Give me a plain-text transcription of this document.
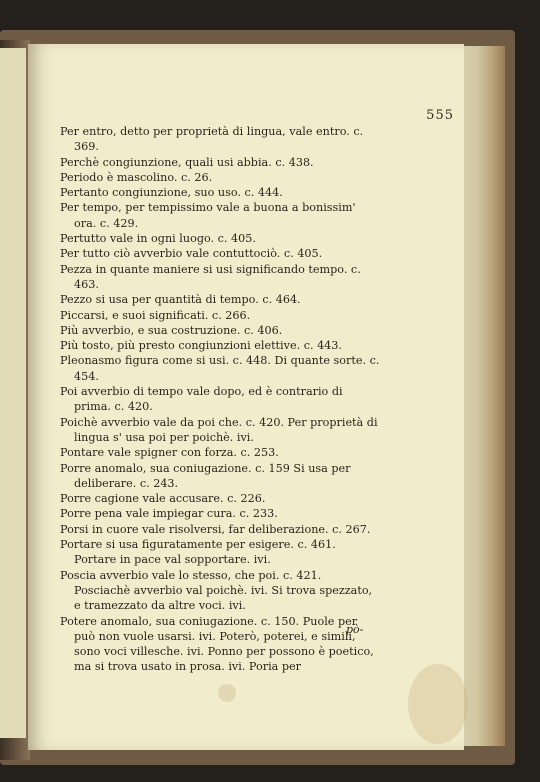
555

Per entro, detto per proprietà di lingua, vale entro. c. 369.

Perchè congiunzione, quali usi abbia. c. 438.

Periodo è mascolino. c. 26.

Pertanto congiunzione, suo uso. c. 444.

Per tempo, per tempissimo vale a buona a bonissim' ora. c. 429.

Pertutto vale in ogni luogo. c. 405.

Per tutto ciò avverbio vale contuttociò. c. 405.

Pezza in quante maniere si usi significando tempo. c. 463.

Pezzo si usa per quantità di tempo. c. 464.

Piccarsi, e suoi significati. c. 266.

Più avverbio, e sua costruzione. c. 406.

Più tosto, più presto congiunzioni elettive. c. 443.

Pleonasmo figura come si usi. c. 448. Di quante sorte. c. 454.

Poi avverbio di tempo vale dopo, ed è contrario di prima. c. 420.

Poichè avverbio vale da poi che. c. 420. Per proprietà di lingua s' usa poi per poichè. ivi.

Pontare vale spigner con forza. c. 253.

Porre anomalo, sua coniugazione. c. 159 Si usa per deliberare. c. 243.

Porre cagione vale accusare. c. 226.

Porre pena vale impiegar cura. c. 233.

Porsi in cuore vale risolversi, far deliberazione. c. 267.

Portare si usa figuratamente per esigere. c. 461. Portare in pace val sopportare. ivi.

Poscia avverbio vale lo stesso, che poi. c. 421. Posciachè avverbio val poichè. ivi. Si trova spezzato, e tramezzato da altre voci. ivi.

Potere anomalo, sua coniugazione. c. 150. Puole per può non vuole usarsi. ivi. Poterò, poterei, e simili, sono voci villesche. ivi. Ponno per possono è poetico, ma si trova usato in prosa. ivi. Poria per

pò-
